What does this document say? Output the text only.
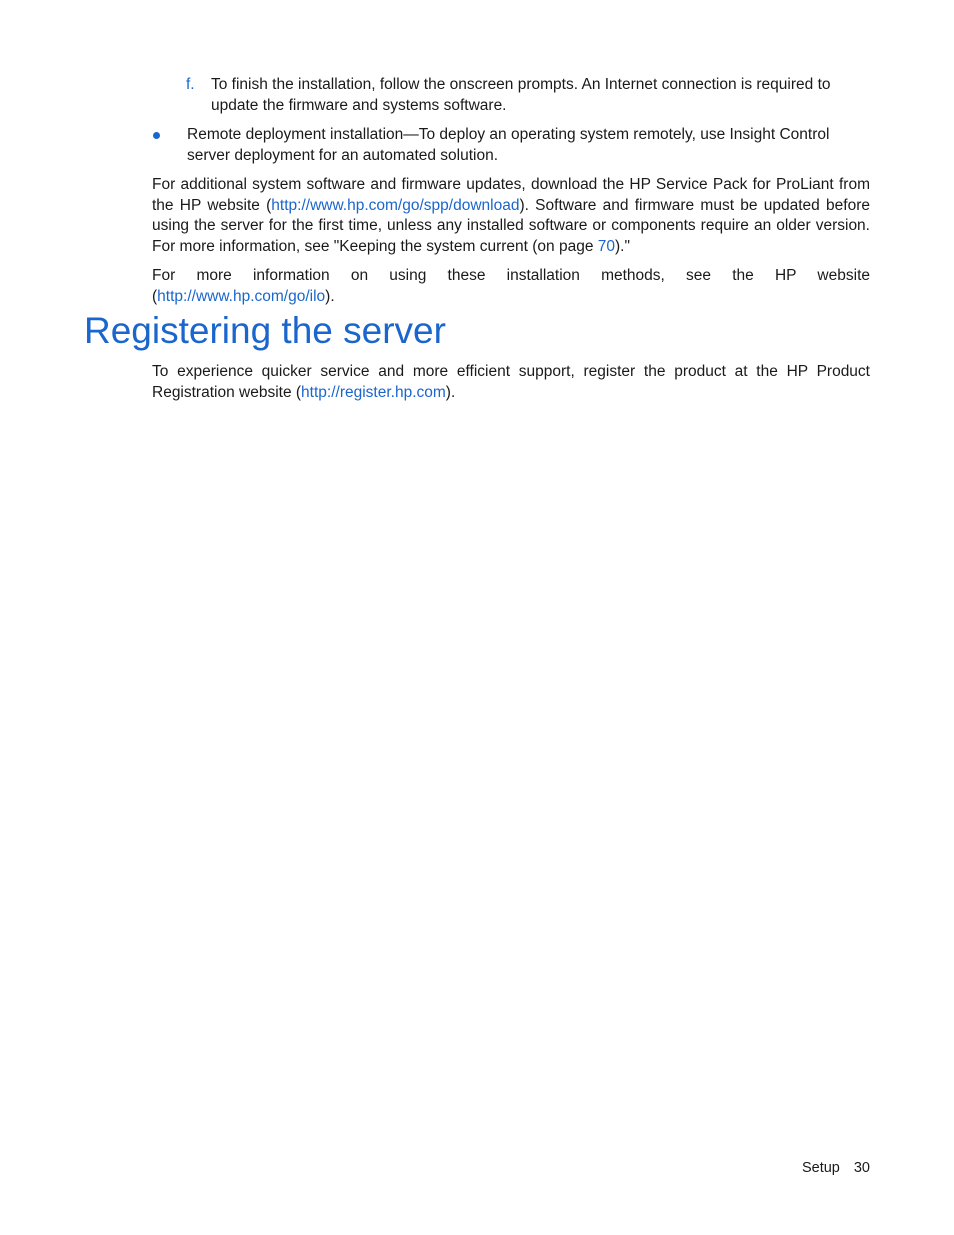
f.	To finish the installation, follow the onscreen prompts. An Internet connection is required to update the firmware and systems software.
Remote deployment installation—To deploy an operating system remotely, use Insight Control server deployment for an automated solution.

For additional system software and firmware updates, download the HP Service Pack for ProLiant from the HP website (http://www.hp.com/go/spp/download). Software and firmware must be updated before using the server for the first time, unless any installed software or components require an older version. For more information, see "Keeping the system current (on page 70)."

For more information on using these installation methods, see the HP website (http://www.hp.com/go/ilo).

Registering the server

To experience quicker service and more efficient support, register the product at the HP Product Registration website (http://register.hp.com).

Setup 30
